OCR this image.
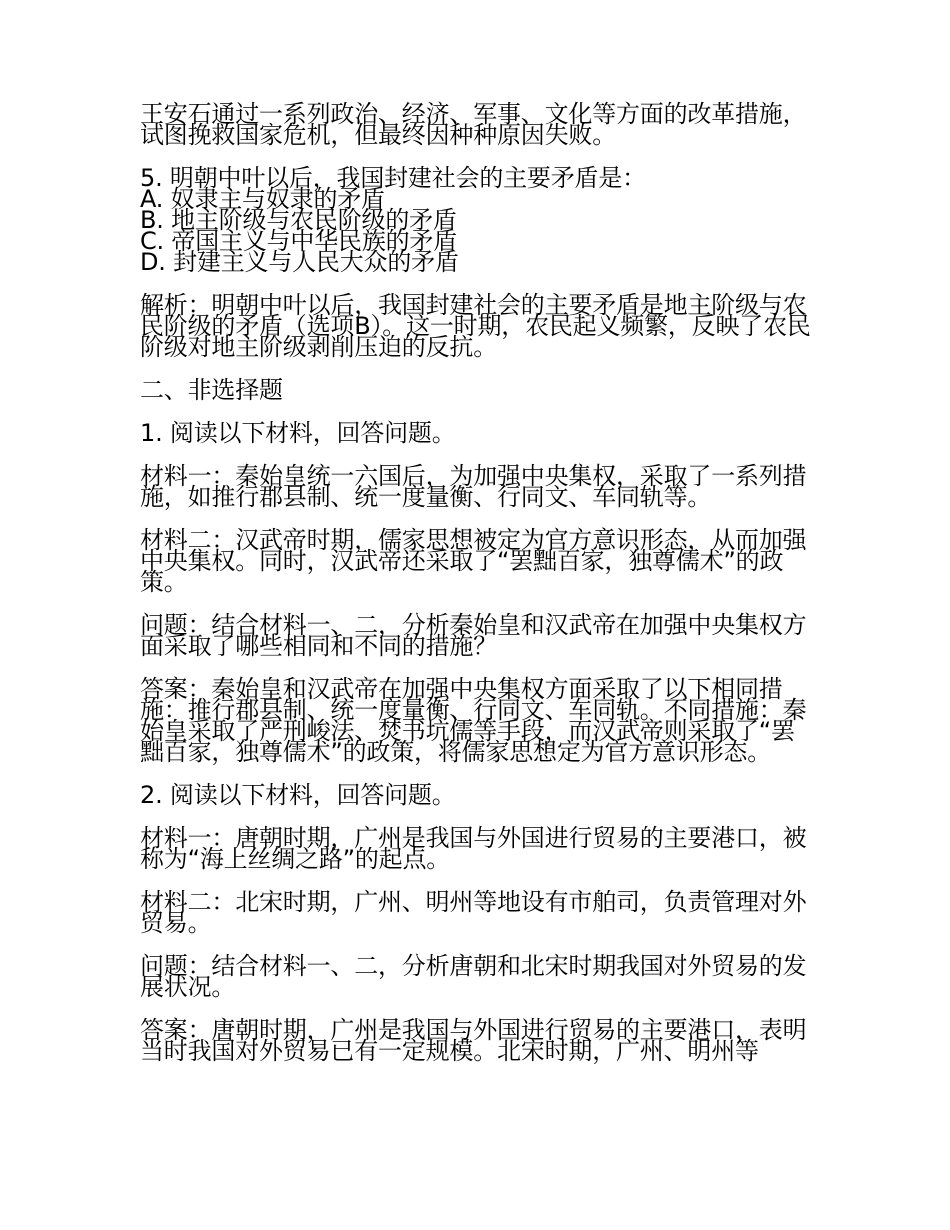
王安石通过一系列政治、经济、军事、文化等方面的改革措施，试图挽救国家危机，但最终因种种原因失败。

5. 明朝中叶以后，我国封建社会的主要矛盾是：

A. 奴隶主与奴隶的矛盾
B. 地主阶级与农民阶级的矛盾
C. 帝国主义与中华民族的矛盾
D. 封建主义与人民大众的矛盾

解析：明朝中叶以后，我国封建社会的主要矛盾是地主阶级与农民阶级的矛盾（选项B）。这一时期，农民起义频繁，反映了农民阶级对地主阶级剥削压迫的反抗。

二、非选择题

1. 阅读以下材料，回答问题。

材料一：秦始皇统一六国后，为加强中央集权，采取了一系列措施，如推行郡县制、统一度量衡、行同文、车同轨等。

材料二：汉武帝时期，儒家思想被定为官方意识形态，从而加强中央集权。同时，汉武帝还采取了“罢黜百家，独尊儒术”的政策。

问题：结合材料一、二，分析秦始皇和汉武帝在加强中央集权方面采取了哪些相同和不同的措施？

答案：秦始皇和汉武帝在加强中央集权方面采取了以下相同措施：推行郡县制、统一度量衡、行同文、车同轨。不同措施：秦始皇采取了严刑峻法、焚书坑儒等手段，而汉武帝则采取了“罢黜百家，独尊儒术”的政策，将儒家思想定为官方意识形态。

2. 阅读以下材料，回答问题。

材料一：唐朝时期，广州是我国与外国进行贸易的主要港口，被称为“海上丝绸之路”的起点。

材料二：北宋时期，广州、明州等地设有市舶司，负责管理对外贸易。

问题：结合材料一、二，分析唐朝和北宋时期我国对外贸易的发展状况。

答案：唐朝时期，广州是我国与外国进行贸易的主要港口，表明当时我国对外贸易已有一定规模。北宋时期，广州、明州等
